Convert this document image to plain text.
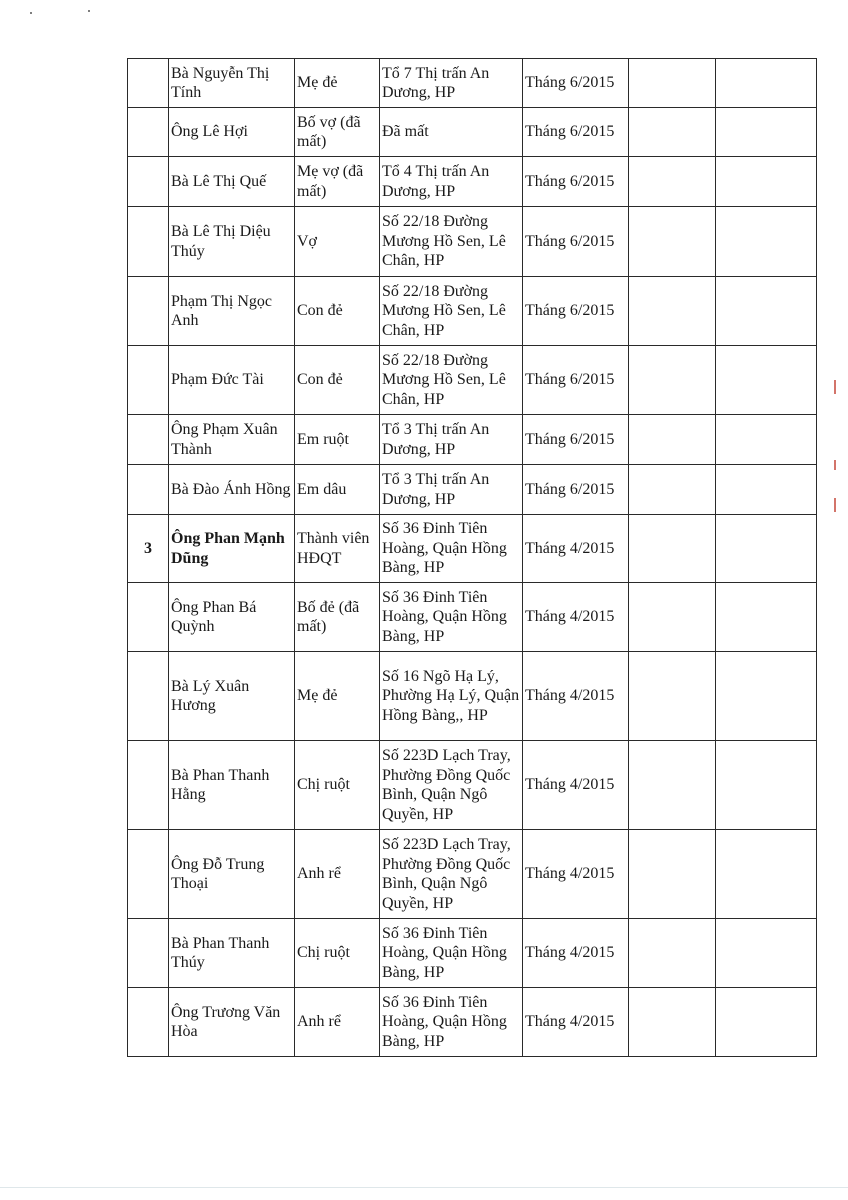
	Bà Nguyễn Thị Tính	Mẹ đẻ	Tổ 7 Thị trấn An Dương, HP	Tháng 6/2015		
	Ông Lê Hợi	Bố vợ (đã mất)	Đã mất	Tháng 6/2015		
	Bà Lê Thị Quế	Mẹ vợ (đã mất)	Tổ 4 Thị trấn An Dương, HP	Tháng 6/2015		
	Bà Lê Thị Diệu Thúy	Vợ	Số 22/18 Đường Mương Hồ Sen, Lê Chân, HP	Tháng 6/2015		
	Phạm Thị Ngọc Anh	Con đẻ	Số 22/18 Đường Mương Hồ Sen, Lê Chân, HP	Tháng 6/2015		
	Phạm Đức Tài	Con đẻ	Số 22/18 Đường Mương Hồ Sen, Lê Chân, HP	Tháng 6/2015		
	Ông Phạm Xuân Thành	Em ruột	Tổ 3 Thị trấn An Dương, HP	Tháng 6/2015		
	Bà Đào Ánh Hồng	Em dâu	Tổ 3 Thị trấn An Dương, HP	Tháng 6/2015		
3	Ông Phan Mạnh Dũng	Thành viên HĐQT	Số 36 Đinh Tiên Hoàng, Quận Hồng Bàng, HP	Tháng 4/2015		
	Ông Phan Bá Quỳnh	Bố đẻ (đã mất)	Số 36 Đinh Tiên Hoàng, Quận Hồng Bàng, HP	Tháng 4/2015		
	Bà Lý Xuân Hương	Mẹ đẻ	Số 16 Ngõ Hạ Lý, Phường Hạ Lý, Quận Hồng Bàng,, HP	Tháng 4/2015		
	Bà Phan Thanh Hằng	Chị ruột	Số 223D Lạch Tray, Phường Đồng Quốc Bình, Quận Ngô Quyền, HP	Tháng 4/2015		
	Ông Đỗ Trung Thoại	Anh rể	Số 223D Lạch Tray, Phường Đồng Quốc Bình, Quận Ngô Quyền, HP	Tháng 4/2015		
	Bà Phan Thanh Thúy	Chị ruột	Số 36 Đinh Tiên Hoàng, Quận Hồng Bàng, HP	Tháng 4/2015		
	Ông Trương Văn Hòa	Anh rể	Số 36 Đinh Tiên Hoàng, Quận Hồng Bàng, HP	Tháng 4/2015		
